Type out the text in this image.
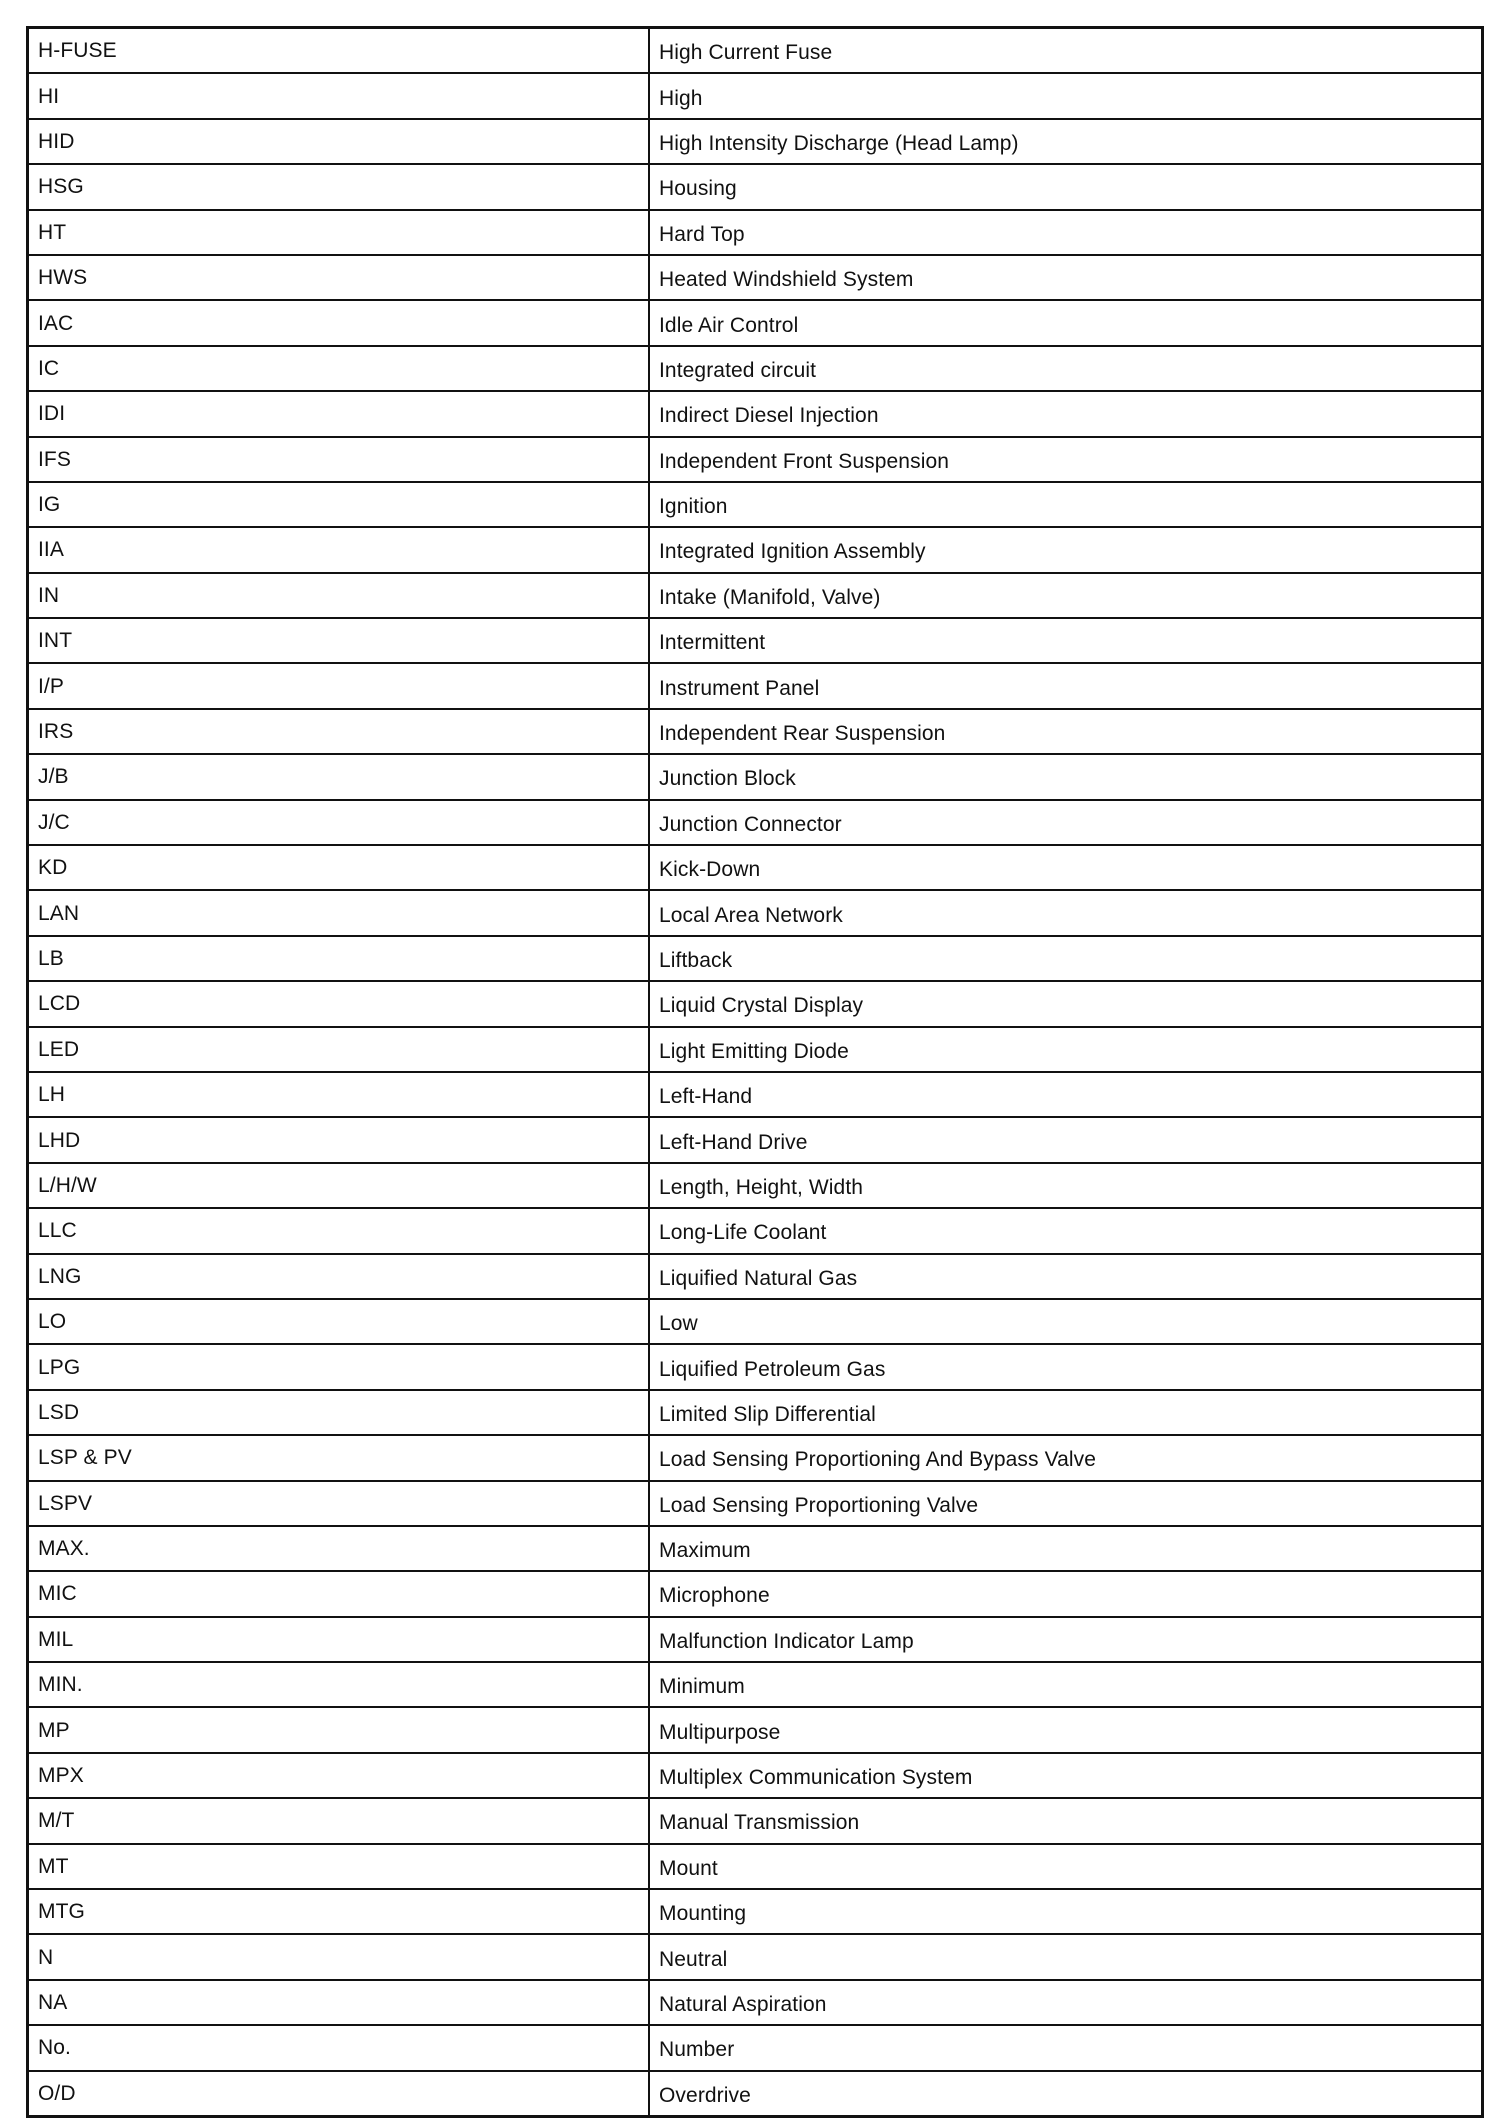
H-FUSE	High Current Fuse
HI	High
HID	High Intensity Discharge (Head Lamp)
HSG	Housing
HT	Hard Top
HWS	Heated Windshield System
IAC	Idle Air Control
IC	Integrated circuit
IDI	Indirect Diesel Injection
IFS	Independent Front Suspension
IG	Ignition
IIA	Integrated Ignition Assembly
IN	Intake (Manifold, Valve)
INT	Intermittent
I/P	Instrument Panel
IRS	Independent Rear Suspension
J/B	Junction Block
J/C	Junction Connector
KD	Kick-Down
LAN	Local Area Network
LB	Liftback
LCD	Liquid Crystal Display
LED	Light Emitting Diode
LH	Left-Hand
LHD	Left-Hand Drive
L/H/W	Length, Height, Width
LLC	Long-Life Coolant
LNG	Liquified Natural Gas
LO	Low
LPG	Liquified Petroleum Gas
LSD	Limited Slip Differential
LSP & PV	Load Sensing Proportioning And Bypass Valve
LSPV	Load Sensing Proportioning Valve
MAX.	Maximum
MIC	Microphone
MIL	Malfunction Indicator Lamp
MIN.	Minimum
MP	Multipurpose
MPX	Multiplex Communication System
M/T	Manual Transmission
MT	Mount
MTG	Mounting
N	Neutral
NA	Natural Aspiration
No.	Number
O/D	Overdrive
